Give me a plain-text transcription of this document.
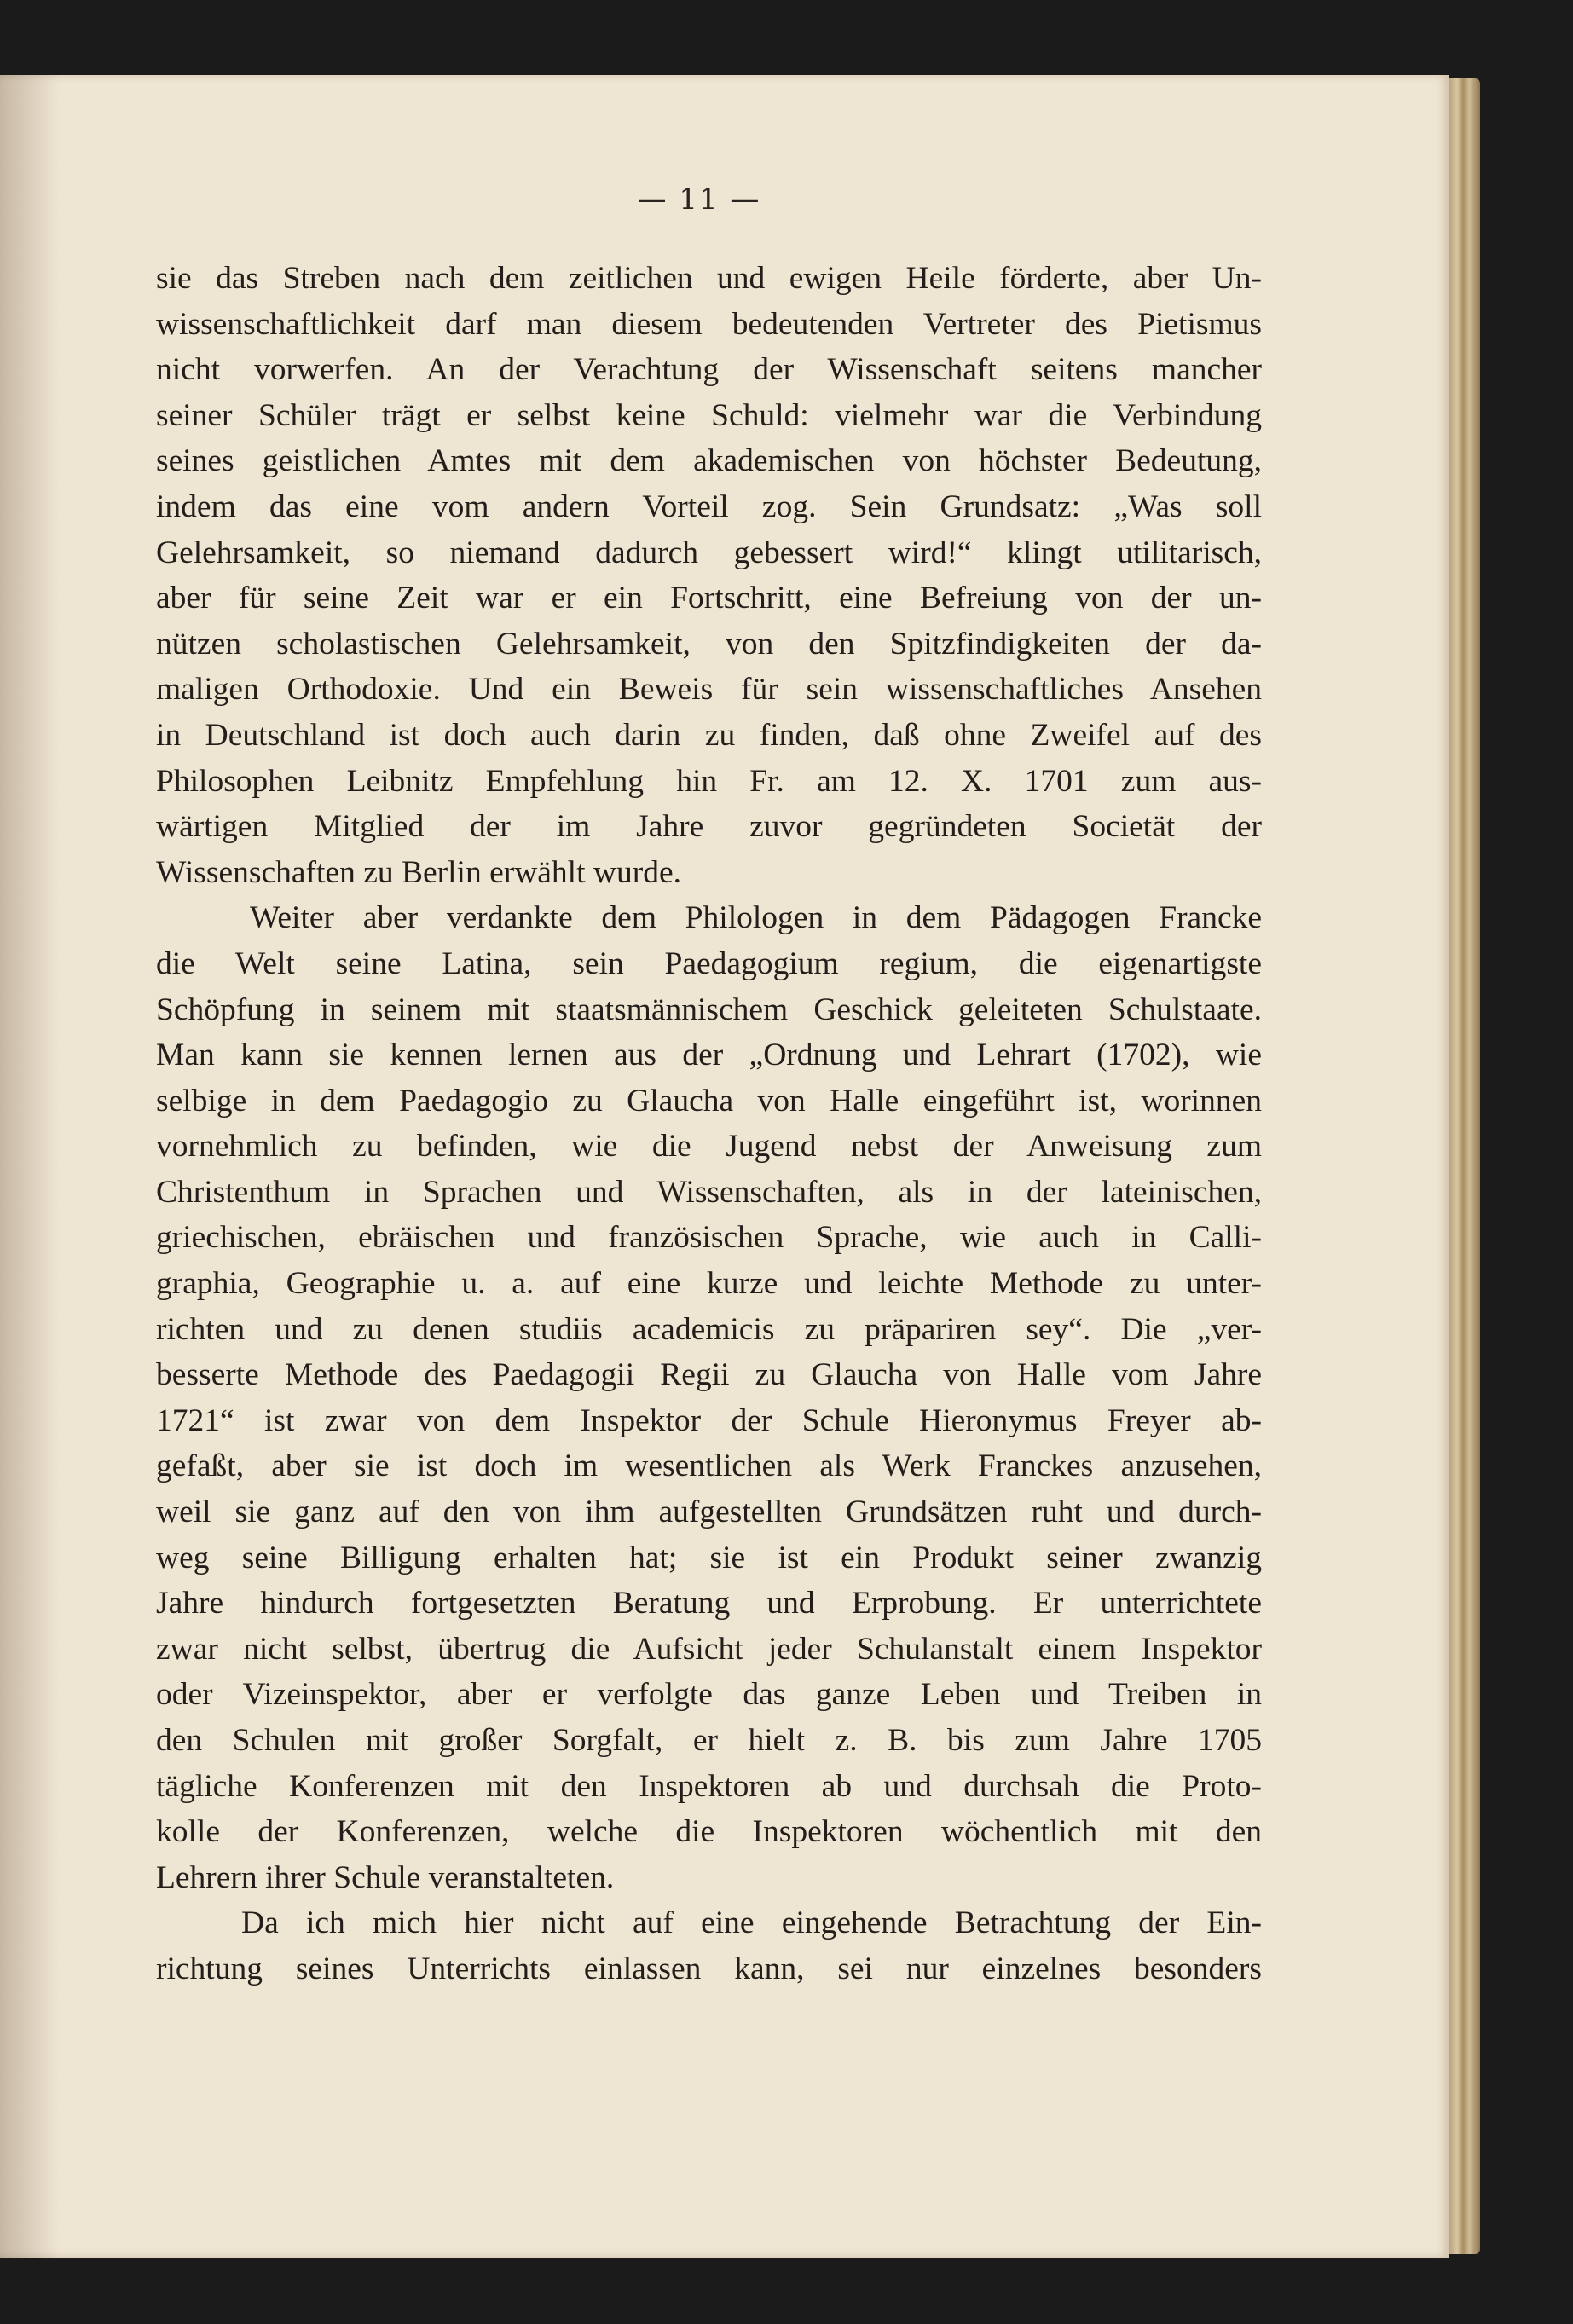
— 11 —
sie das Streben nach dem zeitlichen und ewigen Heile förderte, aber Un-
wissenschaftlichkeit darf man diesem bedeutenden Vertreter des Pietismus
nicht vorwerfen. An der Verachtung der Wissenschaft seitens mancher
seiner Schüler trägt er selbst keine Schuld: vielmehr war die Verbindung
seines geistlichen Amtes mit dem akademischen von höchster Bedeutung,
indem das eine vom andern Vorteil zog. Sein Grundsatz: „Was soll
Gelehrsamkeit, so niemand dadurch gebessert wird!“ klingt utilitarisch,
aber für seine Zeit war er ein Fortschritt, eine Befreiung von der un-
nützen scholastischen Gelehrsamkeit, von den Spitzfindigkeiten der da-
maligen Orthodoxie. Und ein Beweis für sein wissenschaftliches Ansehen
in Deutschland ist doch auch darin zu finden, daß ohne Zweifel auf des
Philosophen Leibnitz Empfehlung hin Fr. am 12. X. 1701 zum aus-
wärtigen Mitglied der im Jahre zuvor gegründeten Societät der
Wissenschaften zu Berlin erwählt wurde.
Weiter aber verdankte dem Philologen in dem Pädagogen Francke
die Welt seine Latina, sein Paedagogium regium, die eigenartigste
Schöpfung in seinem mit staatsmännischem Geschick geleiteten Schulstaate.
Man kann sie kennen lernen aus der „Ordnung und Lehrart (1702), wie
selbige in dem Paedagogio zu Glaucha von Halle eingeführt ist, worinnen
vornehmlich zu befinden, wie die Jugend nebst der Anweisung zum
Christenthum in Sprachen und Wissenschaften, als in der lateinischen,
griechischen, ebräischen und französischen Sprache, wie auch in Calli-
graphia, Geographie u. a. auf eine kurze und leichte Methode zu unter-
richten und zu denen studiis academicis zu präpariren sey“. Die „ver-
besserte Methode des Paedagogii Regii zu Glaucha von Halle vom Jahre
1721“ ist zwar von dem Inspektor der Schule Hieronymus Freyer ab-
gefaßt, aber sie ist doch im wesentlichen als Werk Franckes anzusehen,
weil sie ganz auf den von ihm aufgestellten Grundsätzen ruht und durch-
weg seine Billigung erhalten hat; sie ist ein Produkt seiner zwanzig
Jahre hindurch fortgesetzten Beratung und Erprobung. Er unterrichtete
zwar nicht selbst, übertrug die Aufsicht jeder Schulanstalt einem Inspektor
oder Vizeinspektor, aber er verfolgte das ganze Leben und Treiben in
den Schulen mit großer Sorgfalt, er hielt z. B. bis zum Jahre 1705
tägliche Konferenzen mit den Inspektoren ab und durchsah die Proto-
kolle der Konferenzen, welche die Inspektoren wöchentlich mit den
Lehrern ihrer Schule veranstalteten.
Da ich mich hier nicht auf eine eingehende Betrachtung der Ein-
richtung seines Unterrichts einlassen kann, sei nur einzelnes besonders
